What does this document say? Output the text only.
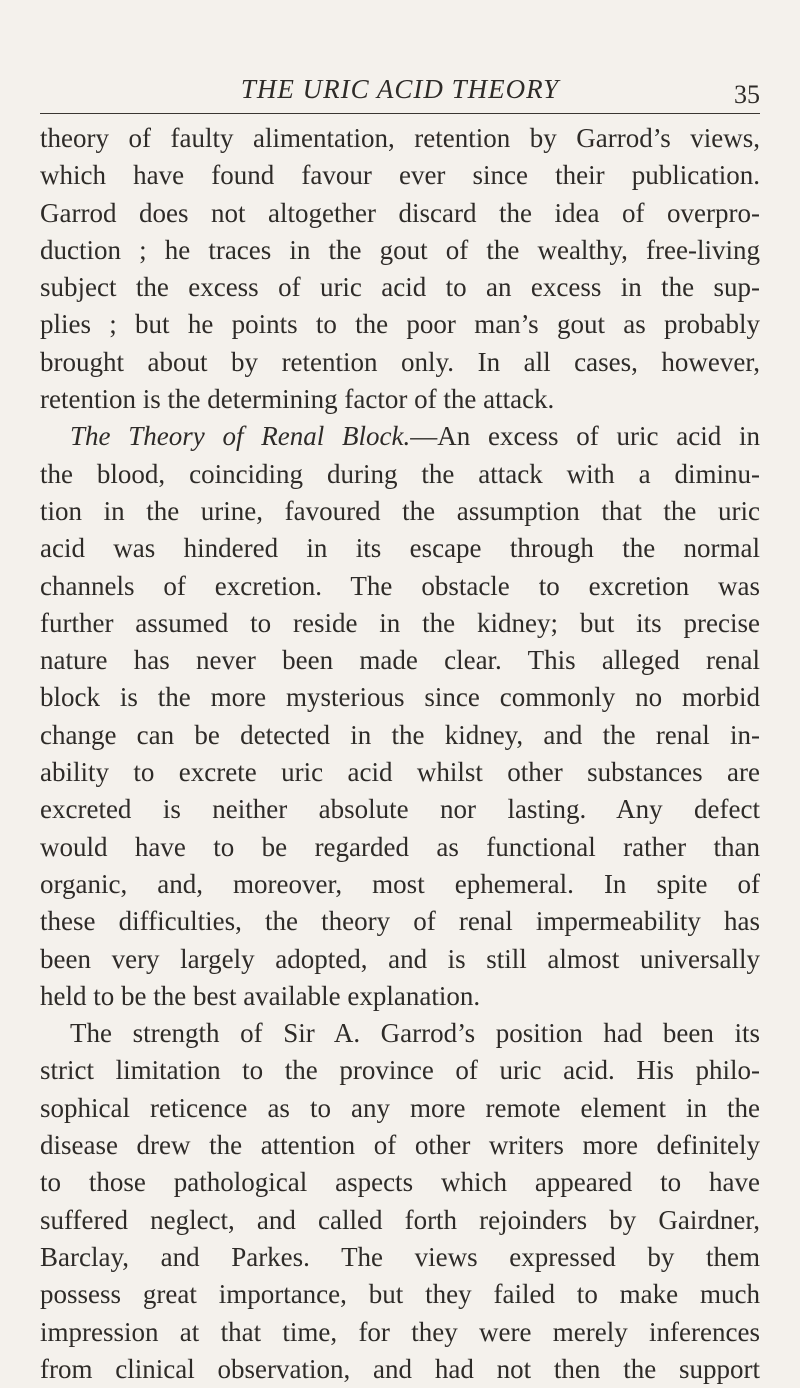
THE URIC ACID THEORY	35
theory of faulty alimentation, retention by Garrod’s views,
which have found favour ever since their publication.
Garrod does not altogether discard the idea of overpro-
duction ; he traces in the gout of the wealthy, free-living
subject the excess of uric acid to an excess in the sup-
plies ; but he points to the poor man’s gout as probably
brought about by retention only. In all cases, however,
retention is the determining factor of the attack.
The Theory of Renal Block.—An excess of uric acid in
the blood, coinciding during the attack with a diminu-
tion in the urine, favoured the assumption that the uric
acid was hindered in its escape through the normal
channels of excretion. The obstacle to excretion was
further assumed to reside in the kidney; but its precise
nature has never been made clear. This alleged renal
block is the more mysterious since commonly no morbid
change can be detected in the kidney, and the renal in-
ability to excrete uric acid whilst other substances are
excreted is neither absolute nor lasting. Any defect
would have to be regarded as functional rather than
organic, and, moreover, most ephemeral. In spite of
these difficulties, the theory of renal impermeability has
been very largely adopted, and is still almost universally
held to be the best available explanation.
The strength of Sir A. Garrod’s position had been its
strict limitation to the province of uric acid. His philo-
sophical reticence as to any more remote element in the
disease drew the attention of other writers more definitely
to those pathological aspects which appeared to have
suffered neglect, and called forth rejoinders by Gairdner,
Barclay, and Parkes. The views expressed by them
possess great importance, but they failed to make much
impression at that time, for they were merely inferences
from clinical observation, and had not then the support
